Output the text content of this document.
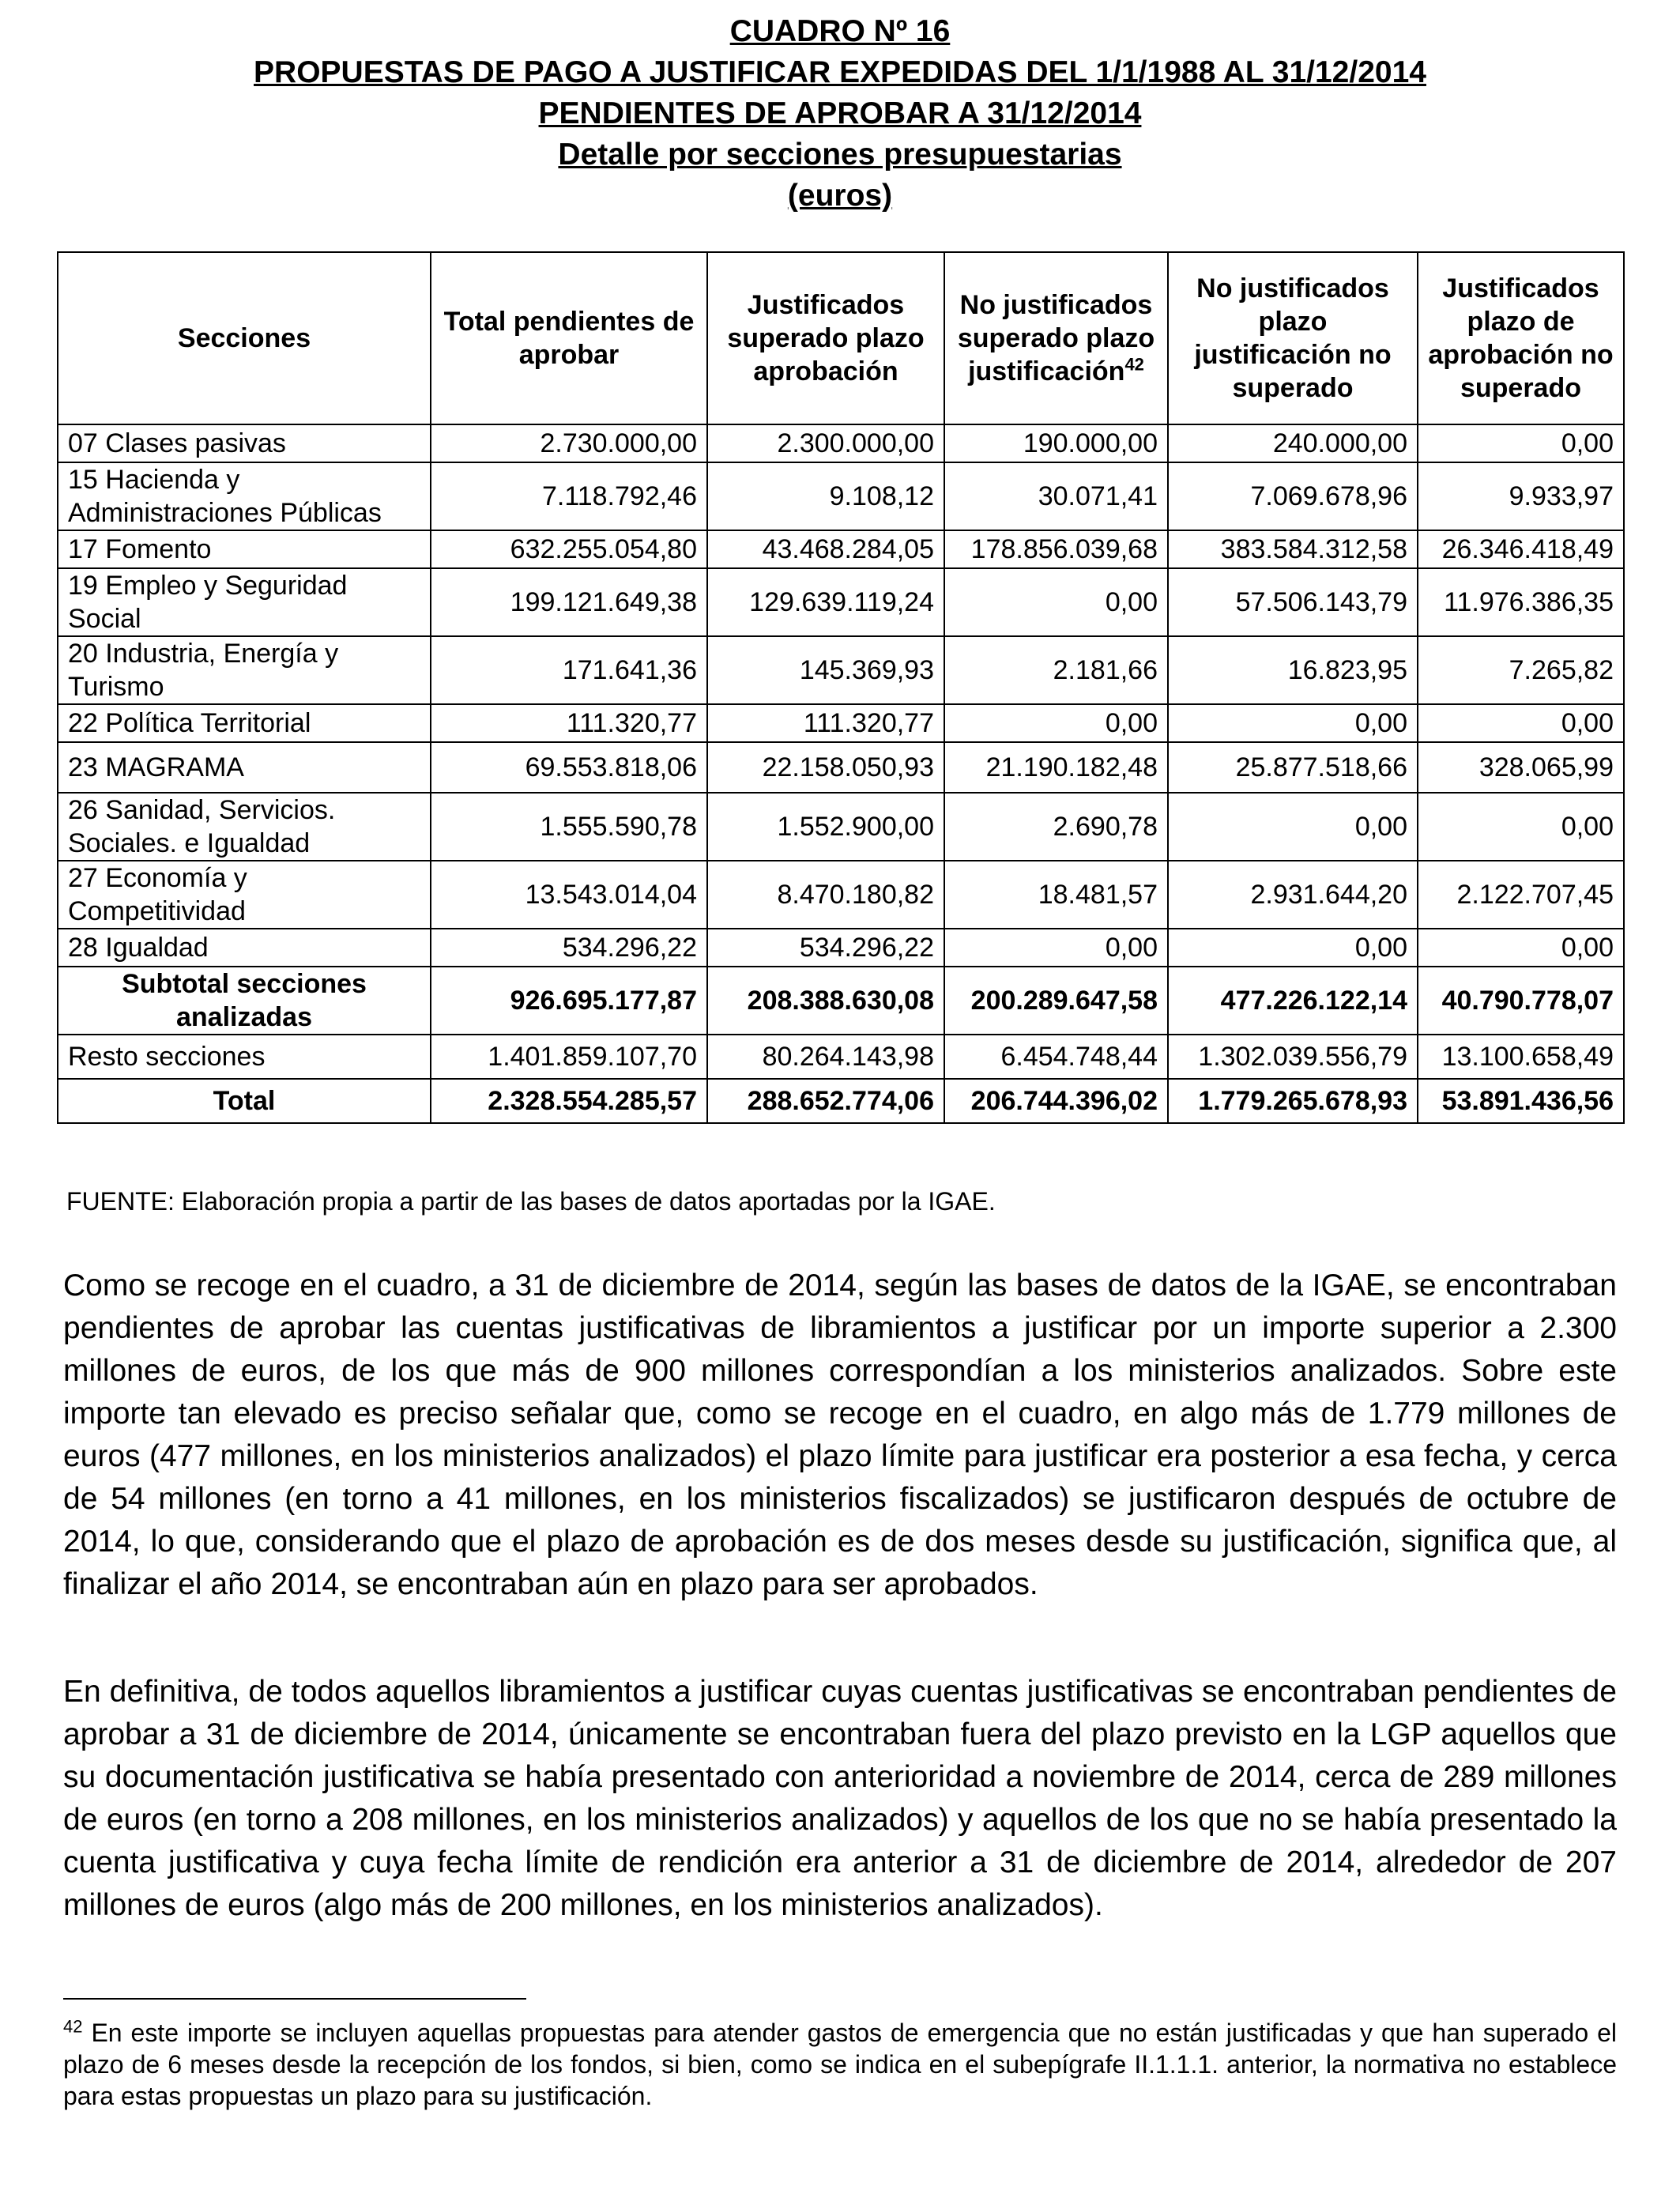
CUADRO Nº 16
PROPUESTAS DE PAGO A JUSTIFICAR EXPEDIDAS DEL 1/1/1988 AL 31/12/2014
PENDIENTES DE APROBAR A 31/12/2014
Detalle por secciones presupuestarias
(euros)
Secciones	Total pendientes de aprobar	Justificados superado plazo aprobación	No justificados superado plazo justificación$^{42}$	No justificados plazo justificación no superado	Justificados plazo de aprobación no superado
07 Clases pasivas	2.730.000,00	2.300.000,00	190.000,00	240.000,00	0,00
15 Hacienda y Administraciones Públicas	7.118.792,46	9.108,12	30.071,41	7.069.678,96	9.933,97
17 Fomento	632.255.054,80	43.468.284,05	178.856.039,68	383.584.312,58	26.346.418,49
19 Empleo y Seguridad Social	199.121.649,38	129.639.119,24	0,00	57.506.143,79	11.976.386,35
20 Industria, Energía y Turismo	171.641,36	145.369,93	2.181,66	16.823,95	7.265,82
22 Política Territorial	111.320,77	111.320,77	0,00	0,00	0,00
23 MAGRAMA	69.553.818,06	22.158.050,93	21.190.182,48	25.877.518,66	328.065,99
26 Sanidad, Servicios. Sociales. e Igualdad	1.555.590,78	1.552.900,00	2.690,78	0,00	0,00
27 Economía y Competitividad	13.543.014,04	8.470.180,82	18.481,57	2.931.644,20	2.122.707,45
28 Igualdad	534.296,22	534.296,22	0,00	0,00	0,00
Subtotal secciones analizadas	926.695.177,87	208.388.630,08	200.289.647,58	477.226.122,14	40.790.778,07
Resto secciones	1.401.859.107,70	80.264.143,98	6.454.748,44	1.302.039.556,79	13.100.658,49
Total	2.328.554.285,57	288.652.774,06	206.744.396,02	1.779.265.678,93	53.891.436,56
FUENTE: Elaboración propia a partir de las bases de datos aportadas por la IGAE.

Como se recoge en el cuadro, a 31 de diciembre de 2014, según las bases de datos de la IGAE, se encontraban pendientes de aprobar las cuentas justificativas de libramientos a justificar por un importe superior a 2.300 millones de euros, de los que más de 900 millones correspondían a los ministerios analizados. Sobre este importe tan elevado es preciso señalar que, como se recoge en el cuadro, en algo más de 1.779 millones de euros (477 millones, en los ministerios analizados) el plazo límite para justificar era posterior a esa fecha, y cerca de 54 millones (en torno a 41 millones, en los ministerios fiscalizados) se justificaron después de octubre de 2014, lo que, considerando que el plazo de aprobación es de dos meses desde su justificación, significa que, al finalizar el año 2014, se encontraban aún en plazo para ser aprobados.

En definitiva, de todos aquellos libramientos a justificar cuyas cuentas justificativas se encontraban pendientes de aprobar a 31 de diciembre de 2014, únicamente se encontraban fuera del plazo previsto en la LGP aquellos que su documentación justificativa se había presentado con anterioridad a noviembre de 2014, cerca de 289 millones de euros (en torno a 208 millones, en los ministerios analizados) y aquellos de los que no se había presentado la cuenta justificativa y cuya fecha límite de rendición era anterior a 31 de diciembre de 2014, alrededor de 207 millones de euros (algo más de 200 millones, en los ministerios analizados).

$^{42}$ En este importe se incluyen aquellas propuestas para atender gastos de emergencia que no están justificadas y que han superado el plazo de 6 meses desde la recepción de los fondos, si bien, como se indica en el subepígrafe II.1.1.1. anterior, la normativa no establece para estas propuestas un plazo para su justificación.
